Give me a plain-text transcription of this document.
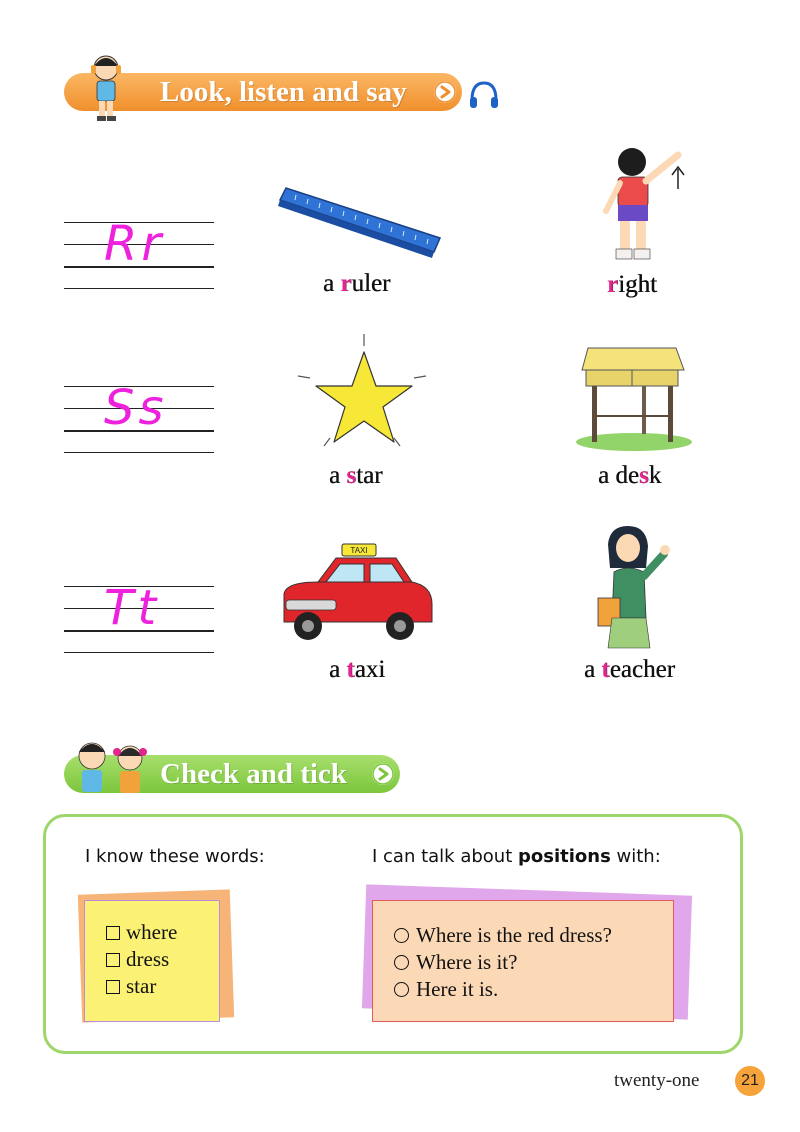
Look, listen and say
Rr
a ruler	right
Ss
a star	a desk
Tt
TAXI
a taxi	a teacher
Check and tick
I know these words:	I can talk about positions with:
where
dress
star
Where is the red dress?
Where is it?
Here it is.
twenty-one	21
